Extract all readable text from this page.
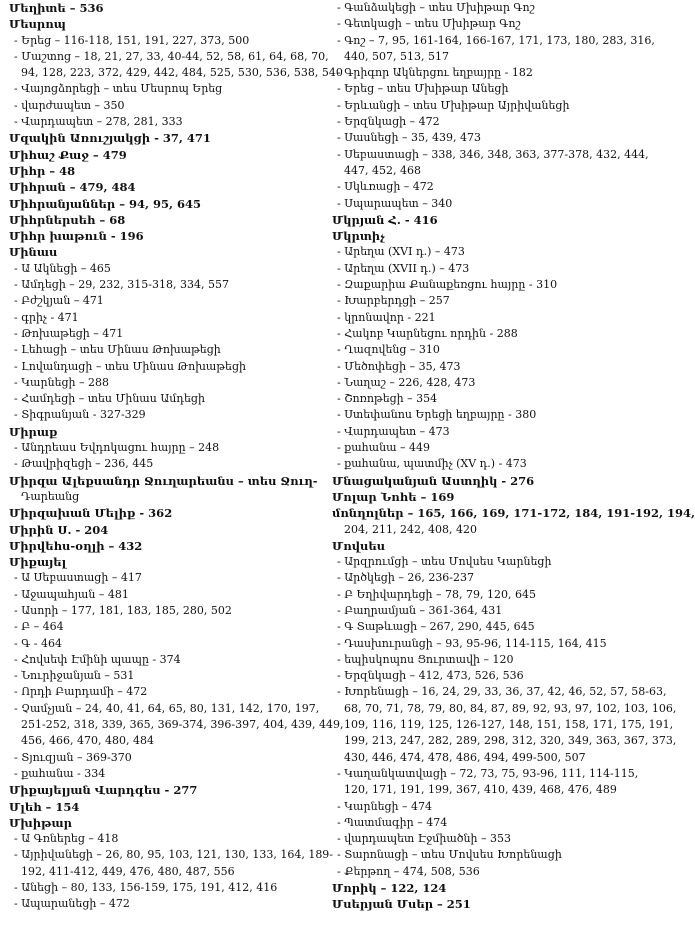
Մեղիտե – 536
Մեսրոպ
- Երեց – 116-118, 151, 191, 227, 373, 500
- Մաշտոց – 18, 21, 27, 33, 40-44, 52, 58, 61, 64, 68, 70,
94, 128, 223, 372, 429, 442, 484, 525, 530, 536, 538, 540
- Վայոցձորեցի – տես Մեսրոպ Երեց
- վարժապետ – 350
- Վարդապետ – 278, 281, 333
Մզակին Առուշյակցի - 37, 471
Միհաշ Քաջ – 479
Միհր – 48
Միհրան – 479, 484
Միհրանյաններ – 94, 95, 645
Միհրներսեհ – 68
Միհր խաթուն - 196
Մինաս
- Ա Ակնեցի – 465
- Ամդեցի – 29, 232, 315-318, 334, 557
- Բժշկյան – 471
- գրիչ - 471
- Թոխաթեցի – 471
- Լեհացի – տես Մինաս Թոխաթեցի
- Լովանդացի – տես Մինաս Թոխաթեցի
- Կարնեցի – 288
- Համդեցի – տես Մինաս Ամդեցի
- Տիգրանյան - 327-329
Միրաք
- Անդրեաս Եվդոկացու հայրը – 248
- Թավրիզեցի – 236, 445
Միրզա Ալեքսանդր Ջուղարեանս – տես Ջուղ-
Դարեանց
Միրզախան Մելիք - 362
Միրին Ս. - 204
Միրվեհս-օղլի – 432
Միքայել
- Ա Սեբաստացի – 417
- Աջապահյան – 481
- Ասորի – 177, 181, 183, 185, 280, 502
- Բ – 464
- Գ - 464
- Հովսեփ Էմինի պապը - 374
- Նուրիջանյան – 531
- Որդի Բարդամի – 472
- Չամչյան – 24, 40, 41, 64, 65, 80, 131, 142, 170, 197,
251-252, 318, 339, 365, 369-374, 396-397, 404, 439, 449,
456, 466, 470, 480, 484
- Տյուզյան – 369-370
- քահանա - 334
Միքայելյան Վարդգես - 277
Մլեհ – 154
Մխիթար
- Ա Գռներեց – 418
- Այրիվանեցի – 26, 80, 95, 103, 121, 130, 133, 164, 189-
192, 411-412, 449, 476, 480, 487, 556
- Անեցի – 80, 133, 156-159, 175, 191, 412, 416
- Ապարանեցի – 472
- Գանձակեցի – տես Մխիթար Գոշ
- Գետկացի – տես Մխիթար Գոշ
- Գոշ – 7, 95, 161-164, 166-167, 171, 173, 180, 283, 316,
440, 507, 513, 517
- Գրիգոր Ակներցու եղբայրը - 182
- Երեց – տես Մխիթար Անեցի
- Երևանցի – տես Մխիթար Այրիվանեցի
- Երզնկացի – 472
- Սասնեցի – 35, 439, 473
- Սեբաստացի – 338, 346, 348, 363, 377-378, 432, 444,
447, 452, 468
- Սկևռացի – 472
- Սպարապետ – 340
Մկրյան Հ. - 416
Մկրտիչ
- Արեղա (XVI դ.) – 473
- Արեղա (XVII դ.) – 473
- Զաքարիա Քանաքեռցու հայրը - 310
- Խարբերդցի – 257
- կրոնավոր - 221
- Հակոբ Կարնեցու որդին - 288
- Ղազովենց – 310
- Մեծոփեցի – 35, 473
- Նաղաշ – 226, 428, 473
- Շոռոթեցի – 354
- Ստեփանոս Երեցի եղբայրը - 380
- Վարդապետ – 473
- քահանա – 449
- քահանա, պատմիչ (XV դ.) - 473
Մնացականյան Աստղիկ - 276
Մոլար Նոհե – 169
մոնղոլներ – 165, 166, 169, 171-172, 184, 191-192, 194,
204, 211, 242, 408, 420
Մովսես
- Արզրումցի – տես Մովսես Կարնեցի
- Արծկեցի – 26, 236-237
- Բ Եղիվարդեցի – 78, 79, 120, 645
- Բաղրամյան – 361-364, 431
- Գ Տաթևացի – 267, 290, 445, 645
- Դասխուրանցի – 93, 95-96, 114-115, 164, 415
- եպիսկոպոս Ցուրտավի – 120
- Երզնկացի – 412, 473, 526, 536
- Խորենացի – 16, 24, 29, 33, 36, 37, 42, 46, 52, 57, 58-63,
68, 70, 71, 78, 79, 80, 84, 87, 89, 92, 93, 97, 102, 103, 106,
109, 116, 119, 125, 126-127, 148, 151, 158, 171, 175, 191,
199, 213, 247, 282, 289, 298, 312, 320, 349, 363, 367, 373,
430, 446, 474, 478, 486, 494, 499-500, 507
- Կաղանկատվացի – 72, 73, 75, 93-96, 111, 114-115,
120, 171, 191, 199, 367, 410, 439, 468, 476, 489
- Կարնեցի – 474
- Պատմագիր – 474
- վարդապետ Էջմիածնի – 353
- Տարոնացի – տես Մովսես Խորենացի
- Քերթող – 474, 508, 536
Մորիկ – 122, 124
Մսերյան Մսեր – 251
